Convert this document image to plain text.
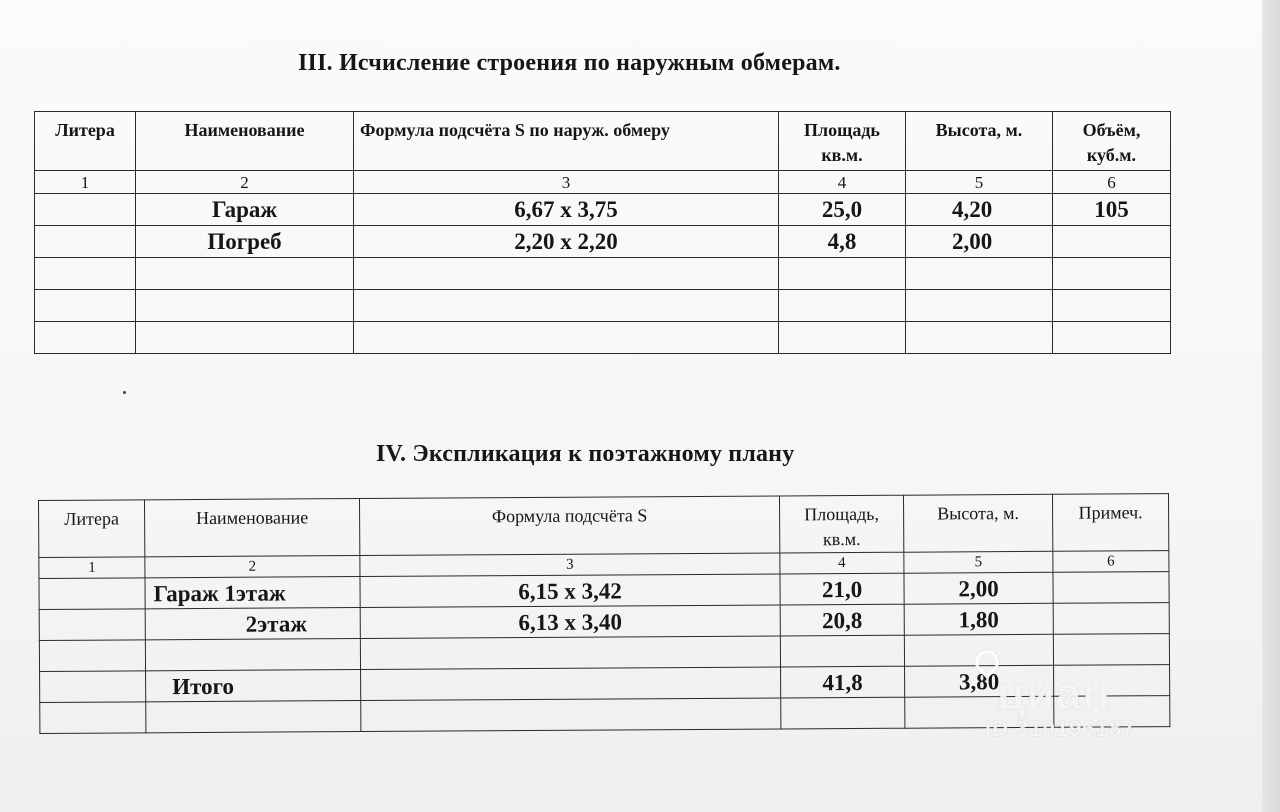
III. Исчисление строения по наружным обмерам.
Литера	Наименование	Формула подсчёта S по наруж. обмеру	Площадь кв.м.	Высота, м.	Объём, куб.м.
1	2	3	4	5	6
	Гараж	6,67 х 3,75	25,0	4,20	105
	Погреб	2,20 х 2,20	4,8	2,00	

IV. Экспликация к поэтажному плану
Литера	Наименование	Формула подсчёта S	Площадь, кв.м.	Высота, м.	Примеч.
1	2	3	4	5	6
	Гараж 1этаж	6,15 х 3,42	21,0	2,00	
	2этаж	6,13 х 3,40	20,8	1,80	

	Итого		41,8	3,80	

циан
ID 310196187
